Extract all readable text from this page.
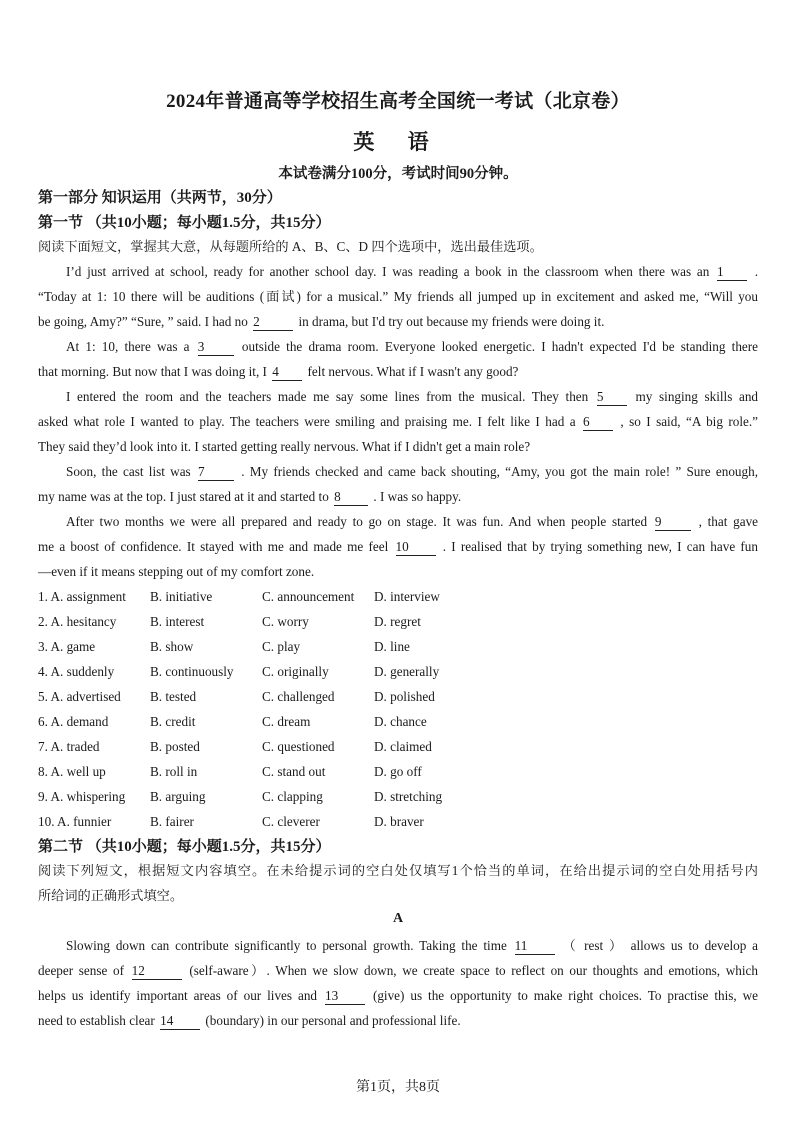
2024年普通高等学校招生高考全国统一考试（北京卷）
英 语
本试卷满分100分，考试时间90分钟。
第一部分 知识运用（共两节，30分）
第一节 （共10小题；每小题1.5分，共15分）
阅读下面短文，掌握其大意，从每题所给的 A、B、C、D 四个选项中，选出最佳选项。
I’d just arrived at school, ready for another school day. I was reading a book in the classroom when there was an 1 .
“Today at 1: 10 there will be auditions (面试) for a musical.” My friends all jumped up in excitement and asked me, “Will you
be going, Amy?” “Sure, ” said. I had no 2	in drama, but I'd try out because my friends were doing it.
At 1: 10, there was a 3	outside the drama room. Everyone looked energetic. I hadn't expected I'd be standing there
that morning. But now that I was doing it, I 4 felt nervous. What if I wasn't any good?
I entered the room and the teachers made me say some lines from the musical. They then 5 my singing skills and
asked what role I wanted to play. The teachers were smiling and praising me. I felt like I had a 6 , so I said, “A big role.”
They said they’d look into it. I started getting really nervous. What if I didn't get a main role?
Soon, the cast list was 7	. My friends checked and came back shouting, “Amy, you got the main role! ” Sure enough,
my name was at the top. I just stared at it and started to 8 . I was so happy.
After two months we were all prepared and ready to go on stage. It was fun. And when people started 9	, that gave
me a boost of confidence. It stayed with me and made me feel 10	. I realised that by trying something new, I can have fun
—even if it means stepping out of my comfort zone.
1. A. assignment B. initiative	C. announcement D. interview
2. A. hesitancy	B. interest	C. worry	D. regret
3. A. game	B. show	C. play	D. line
4. A. suddenly	B. continuously C. originally	D. generally
5. A. advertised B. tested	C. challenged	D. polished
6. A. demand	B. credit	C. dream	D. chance
7. A. traded	B. posted	C. questioned	D. claimed
8. A. well up	B. roll in	C. stand out	D. go off
9. A. whispering B. arguing	C. clapping	D. stretching
10. A. funnier	B. fairer	C. cleverer	D. braver
第二节 （共10小题；每小题1.5分，共15分）
阅读下列短文，根据短文内容填空。在未给提示词的空白处仅填写1个恰当的单词，在给出提示词的空白处用括号内
所给词的正确形式填空。
A
Slowing down can contribute significantly to personal growth. Taking the time 11	（ rest ） allows us to develop a
deeper sense of 12	(self-aware）. When we slow down, we create space to reflect on our thoughts and emotions, which
helps us identify important areas of our lives and 13	(give) us the opportunity to make right choices. To practise this, we
need to establish clear 14 (boundary) in our personal and professional life.
第1页，共8页
